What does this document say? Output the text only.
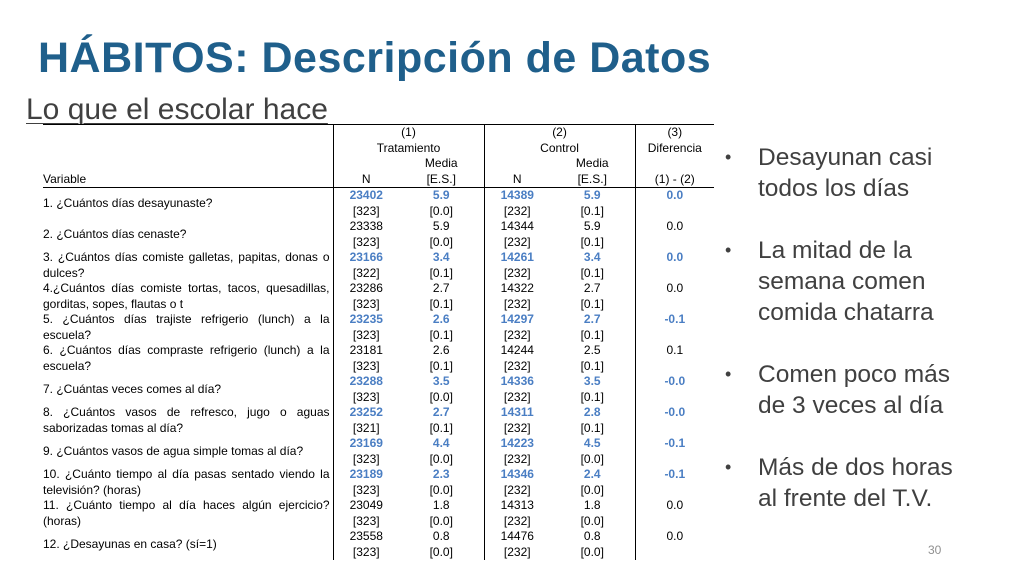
HÁBITOS: Descripción de Datos
Lo que el escolar hace
	(1)		(2)		(3)
	Tratamiento		Control		Diferencia
		Media		Media	
Variable	N	[E.S.]	N	[E.S.]	(1) - (2)
1. ¿Cuántos días desayunaste?	23402	5.9	14389	5.9	0.0
	[323]	[0.0]	[232]	[0.1]	
2. ¿Cuántos días cenaste?	23338	5.9	14344	5.9	0.0
	[323]	[0.0]	[232]	[0.1]	
3. ¿Cuántos días comiste galletas, papitas, donas o dulces?	23166	3.4	14261	3.4	0.0
	[322]	[0.1]	[232]	[0.1]	
4.¿Cuántos días comiste tortas, tacos, quesadillas, gorditas, sopes, flautas o t	23286	2.7	14322	2.7	0.0
	[323]	[0.1]	[232]	[0.1]	
5. ¿Cuántos días trajiste refrigerio (lunch) a la escuela?	23235	2.6	14297	2.7	-0.1
	[323]	[0.1]	[232]	[0.1]	
6. ¿Cuántos días compraste refrigerio (lunch) a la escuela?	23181	2.6	14244	2.5	0.1
	[323]	[0.1]	[232]	[0.1]	
7. ¿Cuántas veces comes al día?	23288	3.5	14336	3.5	-0.0
	[323]	[0.0]	[232]	[0.1]	
8. ¿Cuántos vasos de refresco, jugo o aguas saborizadas tomas al día?	23252	2.7	14311	2.8	-0.0
	[321]	[0.1]	[232]	[0.1]	
9. ¿Cuántos vasos de agua simple tomas al día?	23169	4.4	14223	4.5	-0.1
	[323]	[0.0]	[232]	[0.0]	
10. ¿Cuánto tiempo al día pasas sentado viendo la televisión? (horas)	23189	2.3	14346	2.4	-0.1
	[323]	[0.0]	[232]	[0.0]	
11. ¿Cuánto tiempo al día haces algún ejercicio? (horas)	23049	1.8	14313	1.8	0.0
	[323]	[0.0]	[232]	[0.0]	
12. ¿Desayunas en casa? (sí=1)	23558	0.8	14476	0.8	0.0
	[323]	[0.0]	[232]	[0.0]	
• Desayunan casi todos los días
• La mitad de la semana comen comida chatarra
• Comen poco más de 3 veces al día
• Más de dos horas al frente del T.V.
30
